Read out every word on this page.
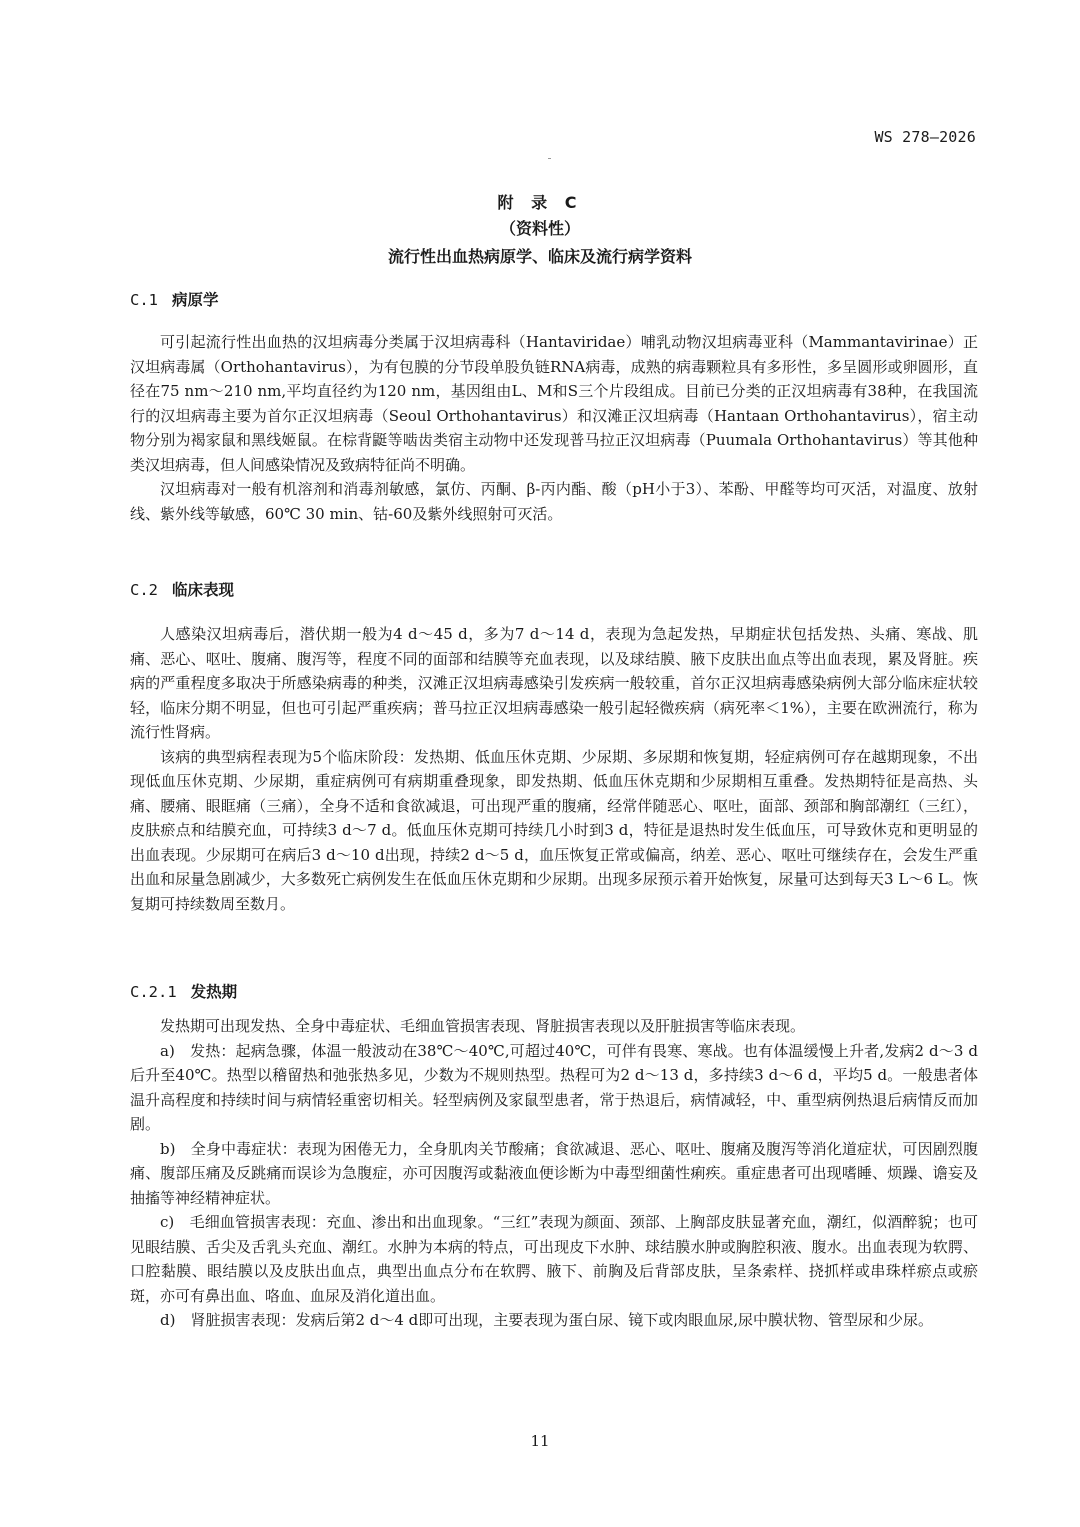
WS 278—2026
附 录 C
（资料性）
流行性出血热病原学、临床及流行病学资料
C.1 病原学

可引起流行性出血热的汉坦病毒分类属于汉坦病毒科（Hantaviridae）哺乳动物汉坦病毒亚科（Mammantavirinae）正汉坦病毒属（Orthohantavirus），为有包膜的分节段单股负链RNA病毒，成熟的病毒颗粒具有多形性，多呈圆形或卵圆形，直径在75 nm～210 nm,平均直径约为120 nm，基因组由L、M和S三个片段组成。目前已分类的正汉坦病毒有38种，在我国流行的汉坦病毒主要为首尔正汉坦病毒（Seoul Orthohantavirus）和汉滩正汉坦病毒（Hantaan Orthohantavirus），宿主动物分别为褐家鼠和黑线姬鼠。在棕背鼮等啮齿类宿主动物中还发现普马拉正汉坦病毒（Puumala Orthohantavirus）等其他种类汉坦病毒，但人间感染情况及致病特征尚不明确。

汉坦病毒对一般有机溶剂和消毒剂敏感，氯仿、丙酮、β-丙内酯、酸（pH小于3）、苯酚、甲醛等均可灭活，对温度、放射线、紫外线等敏感，60℃ 30 min、钴-60及紫外线照射可灭活。

C.2 临床表现

人感染汉坦病毒后，潜伏期一般为4 d～45 d，多为7 d～14 d，表现为急起发热，早期症状包括发热、头痛、寒战、肌痛、恶心、呕吐、腹痛、腹泻等，程度不同的面部和结膜等充血表现，以及球结膜、腋下皮肤出血点等出血表现，累及肾脏。疾病的严重程度多取决于所感染病毒的种类，汉滩正汉坦病毒感染引发疾病一般较重，首尔正汉坦病毒感染病例大部分临床症状较轻，临床分期不明显，但也可引起严重疾病；普马拉正汉坦病毒感染一般引起轻微疾病（病死率＜1%），主要在欧洲流行，称为流行性肾病。

该病的典型病程表现为5个临床阶段：发热期、低血压休克期、少尿期、多尿期和恢复期，轻症病例可存在越期现象，不出现低血压休克期、少尿期，重症病例可有病期重叠现象，即发热期、低血压休克期和少尿期相互重叠。发热期特征是高热、头痛、腰痛、眼眶痛（三痛），全身不适和食欲减退，可出现严重的腹痛，经常伴随恶心、呕吐，面部、颈部和胸部潮红（三红），皮肤瘀点和结膜充血，可持续3 d～7 d。低血压休克期可持续几小时到3 d，特征是退热时发生低血压，可导致休克和更明显的出血表现。少尿期可在病后3 d～10 d出现，持续2 d～5 d，血压恢复正常或偏高，纳差、恶心、呕吐可继续存在，会发生严重出血和尿量急剧减少，大多数死亡病例发生在低血压休克期和少尿期。出现多尿预示着开始恢复，尿量可达到每天3 L～6 L。恢复期可持续数周至数月。

C.2.1 发热期

发热期可出现发热、全身中毒症状、毛细血管损害表现、肾脏损害表现以及肝脏损害等临床表现。

a)　发热：起病急骤，体温一般波动在38℃～40℃,可超过40℃，可伴有畏寒、寒战。也有体温缓慢上升者,发病2 d～3 d后升至40℃。热型以稽留热和弛张热多见，少数为不规则热型。热程可为2 d～13 d，多持续3 d～6 d，平均5 d。一般患者体温升高程度和持续时间与病情轻重密切相关。轻型病例及家鼠型患者，常于热退后，病情减轻，中、重型病例热退后病情反而加剧。

b)　全身中毒症状：表现为困倦无力，全身肌肉关节酸痛；食欲减退、恶心、呕吐、腹痛及腹泻等消化道症状，可因剧烈腹痛、腹部压痛及反跳痛而误诊为急腹症，亦可因腹泻或黏液血便诊断为中毒型细菌性痢疾。重症患者可出现嗜睡、烦躁、谵妄及抽搐等神经精神症状。

c)　毛细血管损害表现：充血、渗出和出血现象。“三红”表现为颜面、颈部、上胸部皮肤显著充血，潮红，似酒醉貌；也可见眼结膜、舌尖及舌乳头充血、潮红。水肿为本病的特点，可出现皮下水肿、球结膜水肿或胸腔积液、腹水。出血表现为软腭、口腔黏膜、眼结膜以及皮肤出血点，典型出血点分布在软腭、腋下、前胸及后背部皮肤，呈条索样、挠抓样或串珠样瘀点或瘀斑，亦可有鼻出血、咯血、血尿及消化道出血。

d)　肾脏损害表现：发病后第2 d～4 d即可出现，主要表现为蛋白尿、镜下或肉眼血尿,尿中膜状物、管型尿和少尿。

11
